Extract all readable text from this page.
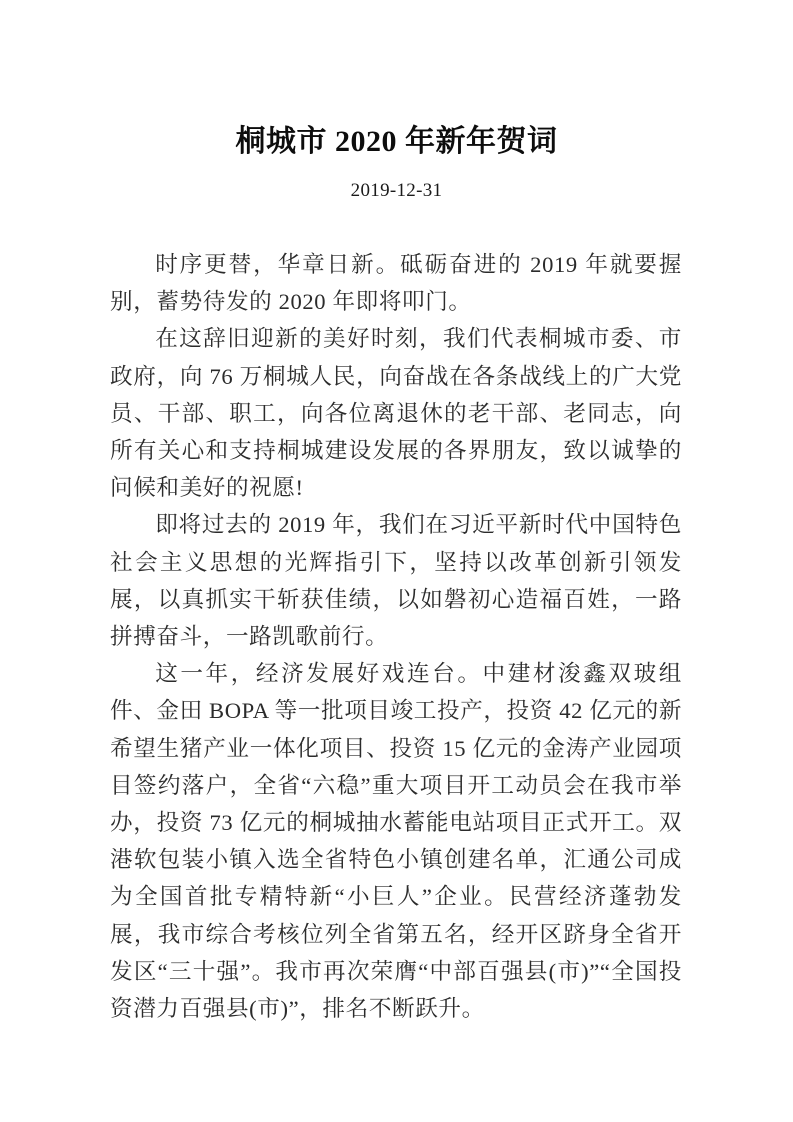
桐城市 2020 年新年贺词

2019-12-31

时序更替，华章日新。砥砺奋进的 2019 年就要握别，蓄势待发的 2020 年即将叩门。

在这辞旧迎新的美好时刻，我们代表桐城市委、市政府，向 76 万桐城人民，向奋战在各条战线上的广大党员、干部、职工，向各位离退休的老干部、老同志，向所有关心和支持桐城建设发展的各界朋友，致以诚挚的问候和美好的祝愿!

即将过去的 2019 年，我们在习近平新时代中国特色社会主义思想的光辉指引下，坚持以改革创新引领发展，以真抓实干斩获佳绩，以如磐初心造福百姓，一路拼搏奋斗，一路凯歌前行。

这一年，经济发展好戏连台。中建材浚鑫双玻组件、金田 BOPA 等一批项目竣工投产，投资 42 亿元的新希望生猪产业一体化项目、投资 15 亿元的金涛产业园项目签约落户，全省“六稳”重大项目开工动员会在我市举办，投资 73 亿元的桐城抽水蓄能电站项目正式开工。双港软包装小镇入选全省特色小镇创建名单，汇通公司成为全国首批专精特新“小巨人”企业。民营经济蓬勃发展，我市综合考核位列全省第五名，经开区跻身全省开发区“三十强”。我市再次荣膺“中部百强县(市)”“全国投资潜力百强县(市)”，排名不断跃升。
